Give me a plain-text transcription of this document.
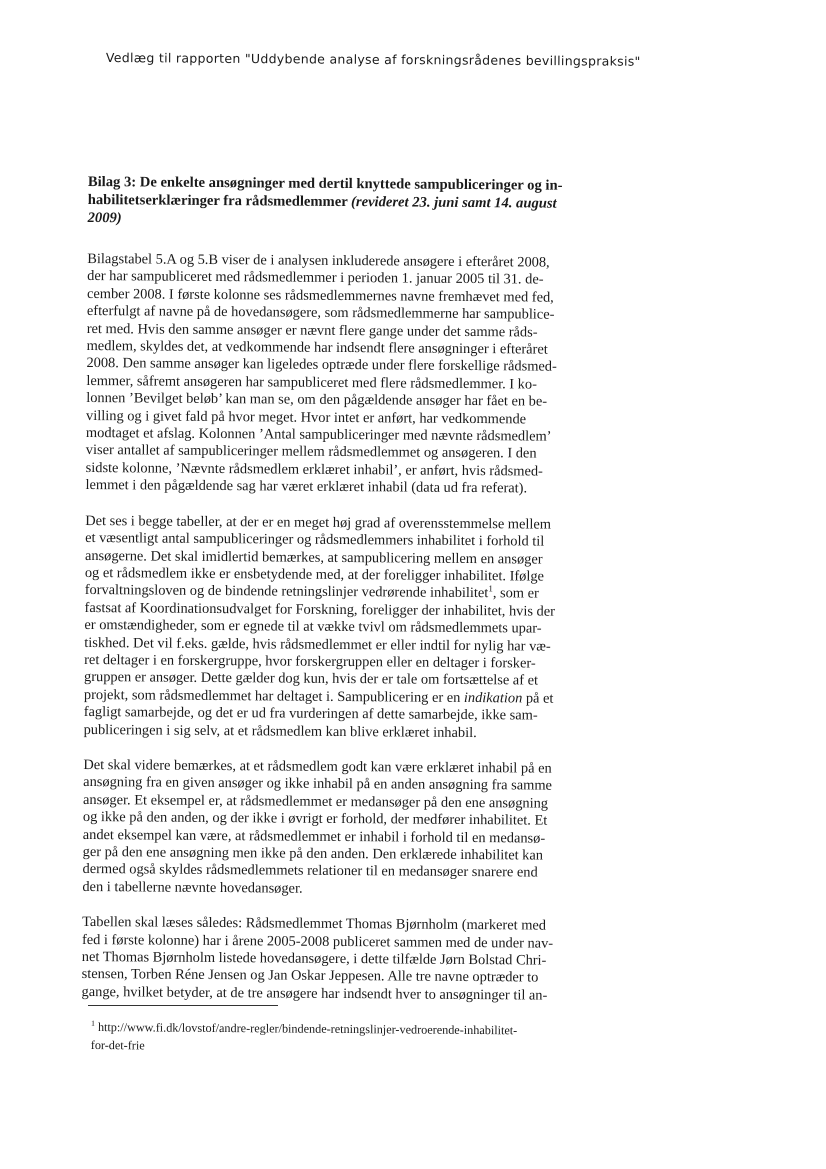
Vedlæg til rapporten "Uddybende analyse af forskningsrådenes bevillingspraksis"
Bilag 3: De enkelte ansøgninger med dertil knyttede sampubliceringer og in-
habilitetserklæringer fra rådsmedlemmer (revideret 23. juni samt 14. august
2009)

Bilagstabel 5.A og 5.B viser de i analysen inkluderede ansøgere i efteråret 2008,
der har sampubliceret med rådsmedlemmer i perioden 1. januar 2005 til 31. de-
cember 2008. I første kolonne ses rådsmedlemmernes navne fremhævet med fed,
efterfulgt af navne på de hovedansøgere, som rådsmedlemmerne har sampublice-
ret med. Hvis den samme ansøger er nævnt flere gange under det samme råds-
medlem, skyldes det, at vedkommende har indsendt flere ansøgninger i efteråret
2008. Den samme ansøger kan ligeledes optræde under flere forskellige rådsmed-
lemmer, såfremt ansøgeren har sampubliceret med flere rådsmedlemmer. I ko-
lonnen ’Bevilget beløb’ kan man se, om den pågældende ansøger har fået en be-
villing og i givet fald på hvor meget. Hvor intet er anført, har vedkommende
modtaget et afslag. Kolonnen ’Antal sampubliceringer med nævnte rådsmedlem’
viser antallet af sampubliceringer mellem rådsmedlemmet og ansøgeren. I den
sidste kolonne, ’Nævnte rådsmedlem erklæret inhabil’, er anført, hvis rådsmed-
lemmet i den pågældende sag har været erklæret inhabil (data ud fra referat).

Det ses i begge tabeller, at der er en meget høj grad af overensstemmelse mellem
et væsentligt antal sampubliceringer og rådsmedlemmers inhabilitet i forhold til
ansøgerne. Det skal imidlertid bemærkes, at sampublicering mellem en ansøger
og et rådsmedlem ikke er ensbetydende med, at der foreligger inhabilitet. Ifølge
forvaltningsloven og de bindende retningslinjer vedrørende inhabilitet$^1$, som er
fastsat af Koordinationsudvalget for Forskning, foreligger der inhabilitet, hvis der
er omstændigheder, som er egnede til at vække tvivl om rådsmedlemmets upar-
tiskhed. Det vil f.eks. gælde, hvis rådsmedlemmet er eller indtil for nylig har væ-
ret deltager i en forskergruppe, hvor forskergruppen eller en deltager i forsker-
gruppen er ansøger. Dette gælder dog kun, hvis der er tale om fortsættelse af et
projekt, som rådsmedlemmet har deltaget i. Sampublicering er en indikation på et
fagligt samarbejde, og det er ud fra vurderingen af dette samarbejde, ikke sam-
publiceringen i sig selv, at et rådsmedlem kan blive erklæret inhabil.

Det skal videre bemærkes, at et rådsmedlem godt kan være erklæret inhabil på en
ansøgning fra en given ansøger og ikke inhabil på en anden ansøgning fra samme
ansøger. Et eksempel er, at rådsmedlemmet er medansøger på den ene ansøgning
og ikke på den anden, og der ikke i øvrigt er forhold, der medfører inhabilitet. Et
andet eksempel kan være, at rådsmedlemmet er inhabil i forhold til en medansø-
ger på den ene ansøgning men ikke på den anden. Den erklærede inhabilitet kan
dermed også skyldes rådsmedlemmets relationer til en medansøger snarere end
den i tabellerne nævnte hovedansøger.

Tabellen skal læses således: Rådsmedlemmet Thomas Bjørnholm (markeret med
fed i første kolonne) har i årene 2005-2008 publiceret sammen med de under nav-
net Thomas Bjørnholm listede hovedansøgere, i dette tilfælde Jørn Bolstad Chri-
stensen, Torben Réne Jensen og Jan Oskar Jeppesen. Alle tre navne optræder to
gange, hvilket betyder, at de tre ansøgere har indsendt hver to ansøgninger til an-

$^1$ http://www.fi.dk/lovstof/andre-regler/bindende-retningslinjer-vedroerende-inhabilitet-
for-det-frie
